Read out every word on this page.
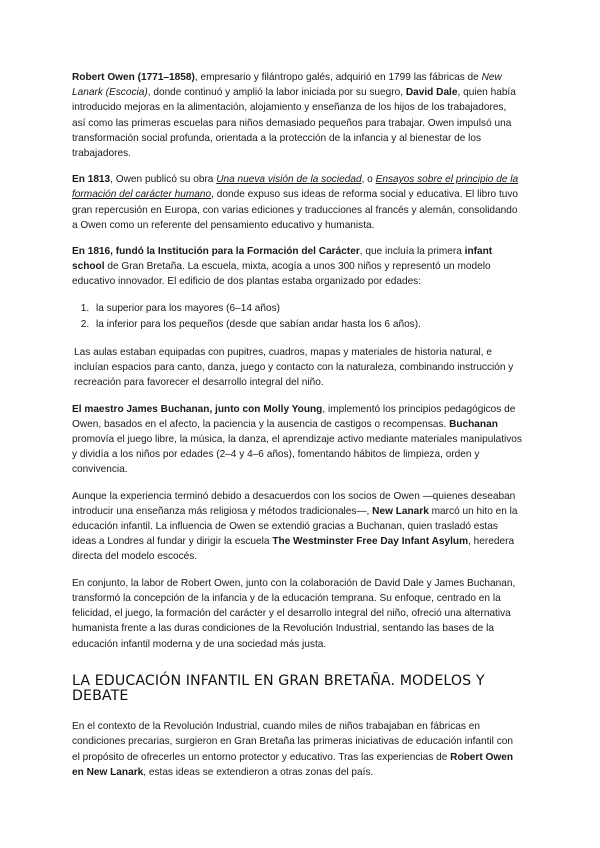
Robert Owen (1771–1858), empresario y filántropo galés, adquirió en 1799 las fábricas de New Lanark (Escocia), donde continuó y amplió la labor iniciada por su suegro, David Dale, quien había introducido mejoras en la alimentación, alojamiento y enseñanza de los hijos de los trabajadores, así como las primeras escuelas para niños demasiado pequeños para trabajar. Owen impulsó una transformación social profunda, orientada a la protección de la infancia y al bienestar de los trabajadores.

En 1813, Owen publicó su obra Una nueva visión de la sociedad, o Ensayos sobre el principio de la formación del carácter humano, donde expuso sus ideas de reforma social y educativa. El libro tuvo gran repercusión en Europa, con varias ediciones y traducciones al francés y alemán, consolidando a Owen como un referente del pensamiento educativo y humanista.

En 1816, fundó la Institución para la Formación del Carácter, que incluía la primera infant school de Gran Bretaña. La escuela, mixta, acogía a unos 300 niños y representó un modelo educativo innovador. El edificio de dos plantas estaba organizado por edades:

1. la superior para los mayores (6–14 años)
2. la inferior para los pequeños (desde que sabían andar hasta los 6 años).

Las aulas estaban equipadas con pupitres, cuadros, mapas y materiales de historia natural, e incluían espacios para canto, danza, juego y contacto con la naturaleza, combinando instrucción y recreación para favorecer el desarrollo integral del niño.

El maestro James Buchanan, junto con Molly Young, implementó los principios pedagógicos de Owen, basados en el afecto, la paciencia y la ausencia de castigos o recompensas. Buchanan promovía el juego libre, la música, la danza, el aprendizaje activo mediante materiales manipulativos y dividía a los niños por edades (2–4 y 4–6 años), fomentando hábitos de limpieza, orden y convivencia.

Aunque la experiencia terminó debido a desacuerdos con los socios de Owen —quienes deseaban introducir una enseñanza más religiosa y métodos tradicionales—, New Lanark marcó un hito en la educación infantil. La influencia de Owen se extendió gracias a Buchanan, quien trasladó estas ideas a Londres al fundar y dirigir la escuela The Westminster Free Day Infant Asylum, heredera directa del modelo escocés.

En conjunto, la labor de Robert Owen, junto con la colaboración de David Dale y James Buchanan, transformó la concepción de la infancia y de la educación temprana. Su enfoque, centrado en la felicidad, el juego, la formación del carácter y el desarrollo integral del niño, ofreció una alternativa humanista frente a las duras condiciones de la Revolución Industrial, sentando las bases de la educación infantil moderna y de una sociedad más justa.

LA EDUCACIÓN INFANTIL EN GRAN BRETAÑA. MODELOS Y DEBATE

En el contexto de la Revolución Industrial, cuando miles de niños trabajaban en fábricas en condiciones precarias, surgieron en Gran Bretaña las primeras iniciativas de educación infantil con el propósito de ofrecerles un entorno protector y educativo. Tras las experiencias de Robert Owen en New Lanark, estas ideas se extendieron a otras zonas del país.
